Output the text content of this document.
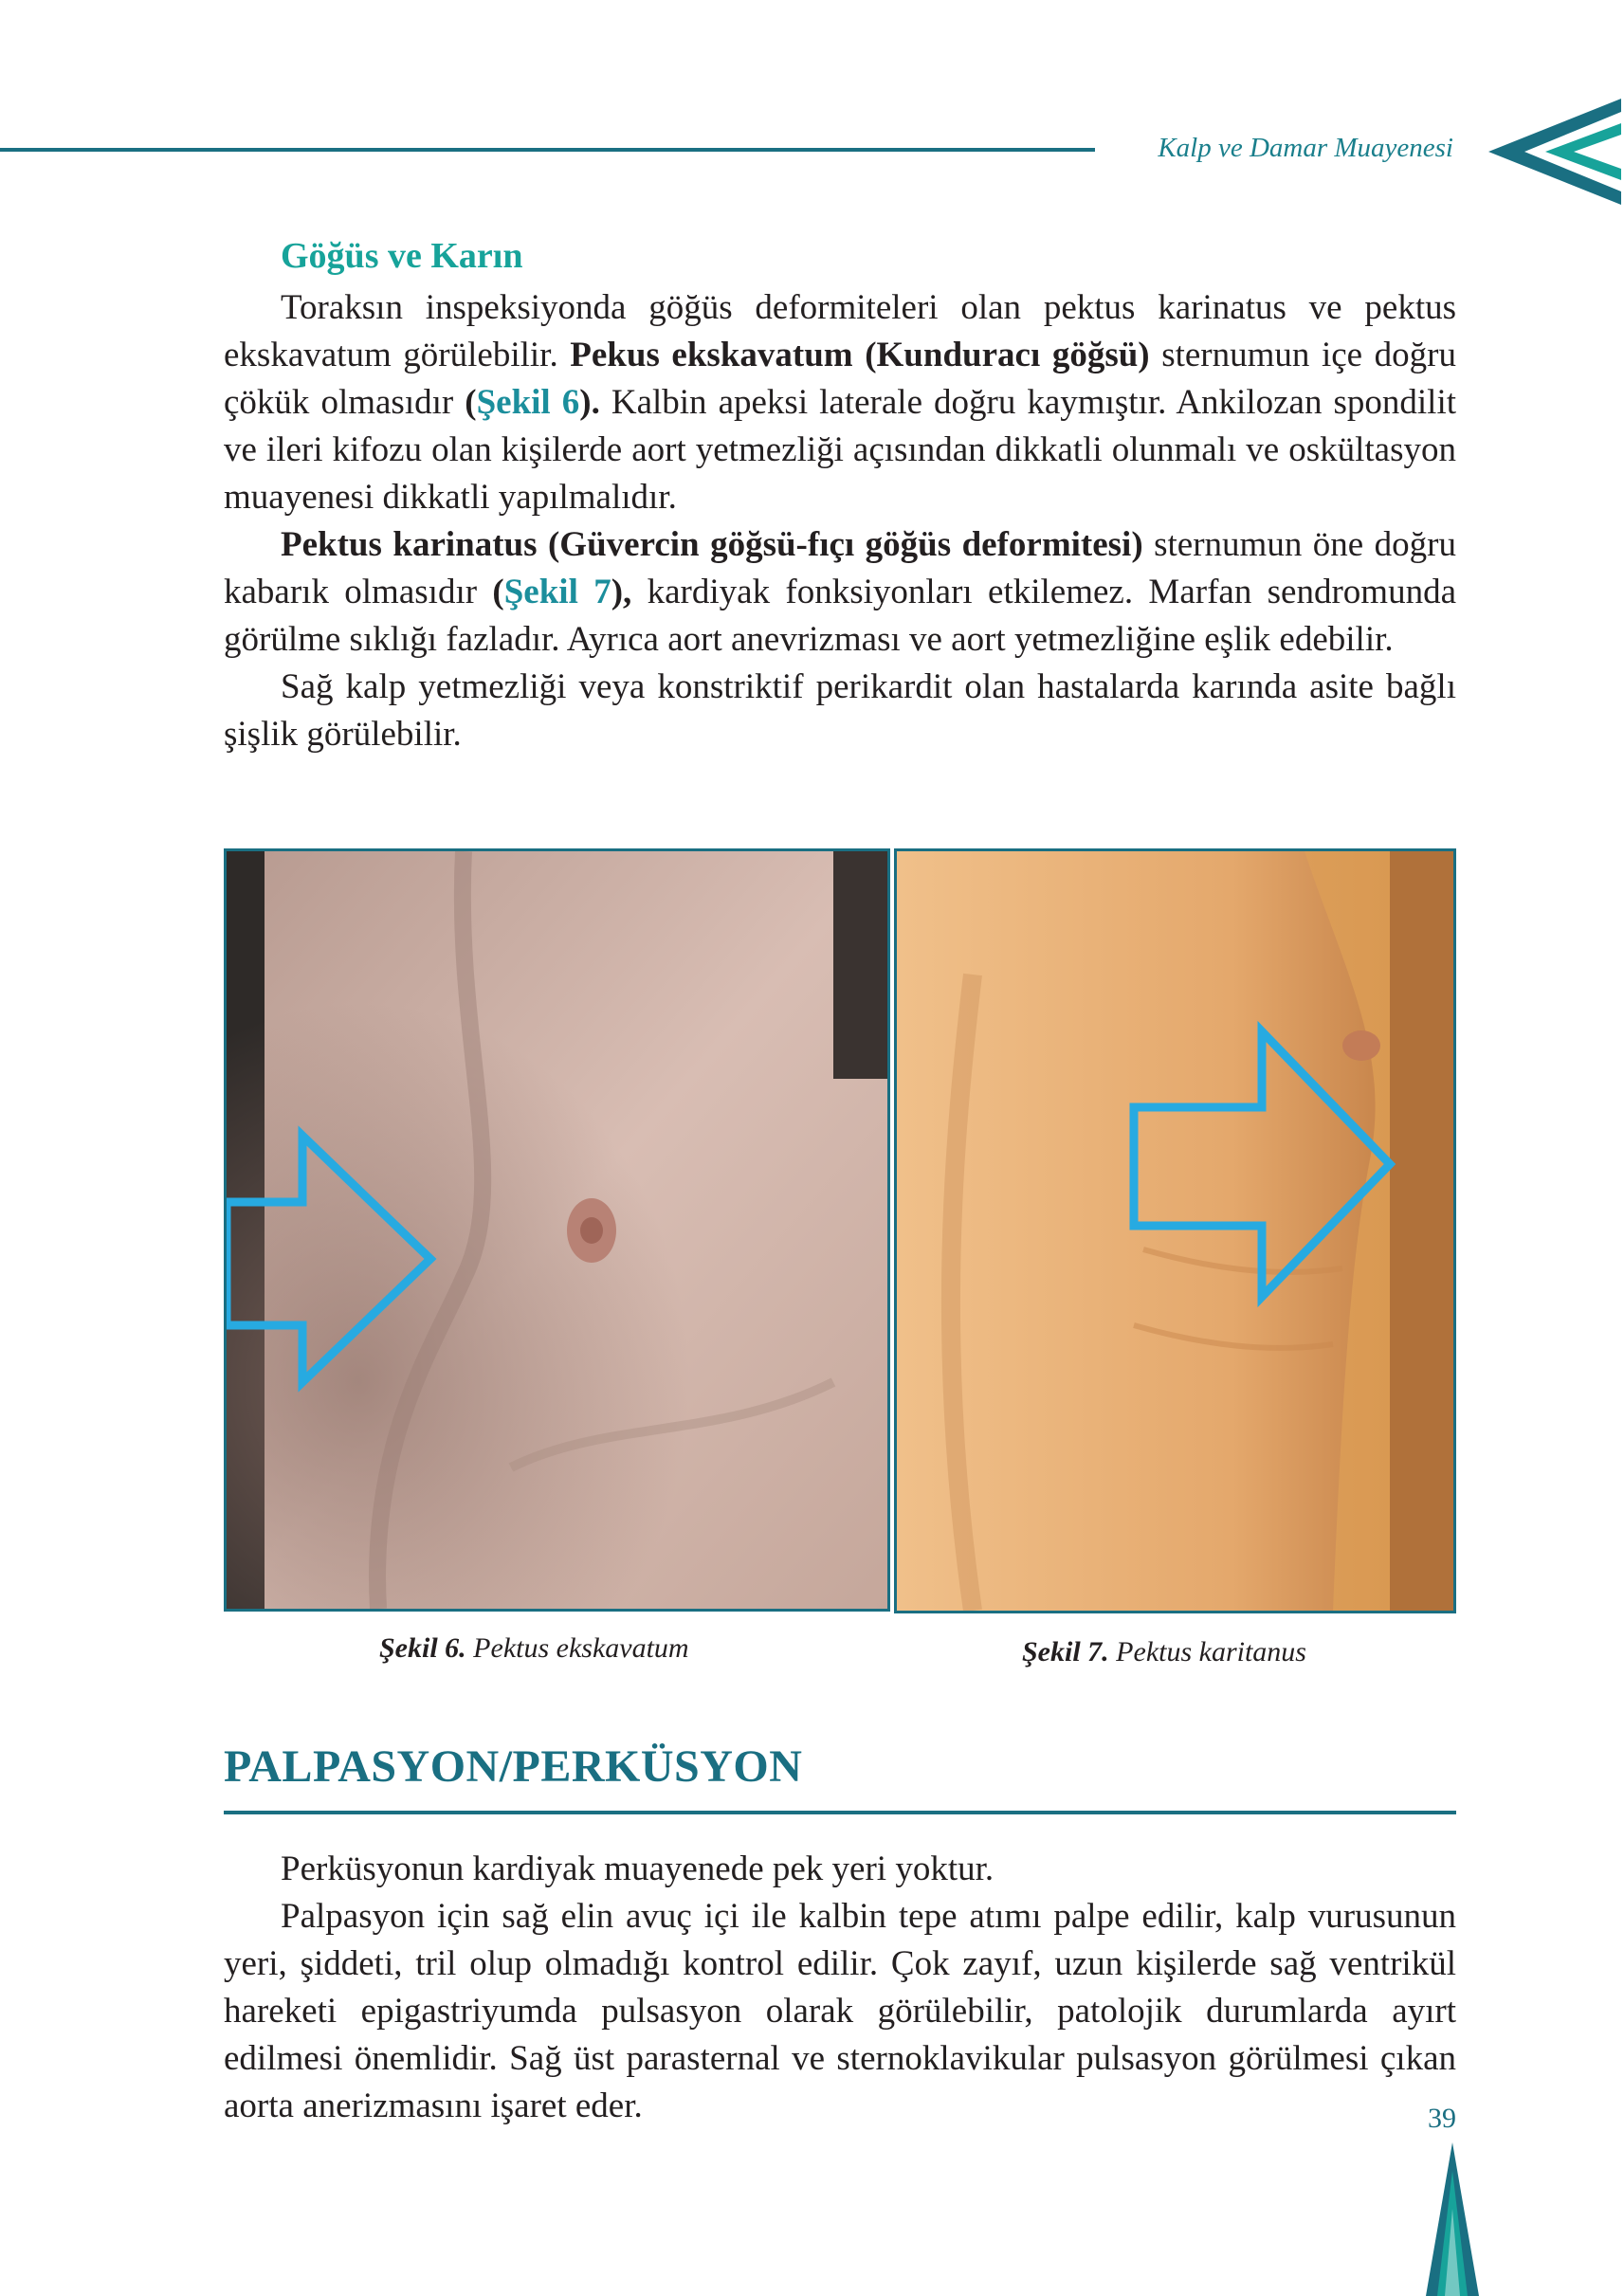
Kalp ve Damar Muayenesi
Göğüs ve Karın

Toraksın inspeksiyonda göğüs deformiteleri olan pektus karinatus ve pektus ekskavatum görülebilir. Pekus ekskavatum (Kunduracı göğsü) sternumun içe doğru çökük olmasıdır (Şekil 6). Kalbin apeksi laterale doğru kaymıştır. Ankilozan spondilit ve ileri kifozu olan kişilerde aort yetmezliği açısından dikkatli olunmalı ve oskültasyon muayenesi dikkatli yapılmalıdır.

Pektus karinatus (Güvercin göğsü-fıçı göğüs deformitesi) sternumun öne doğru kabarık olmasıdır (Şekil 7), kardiyak fonksiyonları etkilemez. Marfan sendromunda görülme sıklığı fazladır. Ayrıca aort anevrizması ve aort yetmezliğine eşlik edebilir.

Sağ kalp yetmezliği veya konstriktif perikardit olan hastalarda karında asite bağlı şişlik görülebilir.

Şekil 6. Pektus ekskavatum	Şekil 7. Pektus karitanus
PALPASYON/PERKÜSYON

Perküsyonun kardiyak muayenede pek yeri yoktur.

Palpasyon için sağ elin avuç içi ile kalbin tepe atımı palpe edilir, kalp vurusunun yeri, şiddeti, tril olup olmadığı kontrol edilir. Çok zayıf, uzun kişilerde sağ ventrikül hareketi epigastriyumda pulsasyon olarak görülebilir, patolojik durumlarda ayırt edilmesi önemlidir. Sağ üst parasternal ve sternoklavikular pulsasyon görülmesi çıkan aorta anerizmasını işaret eder.	39
